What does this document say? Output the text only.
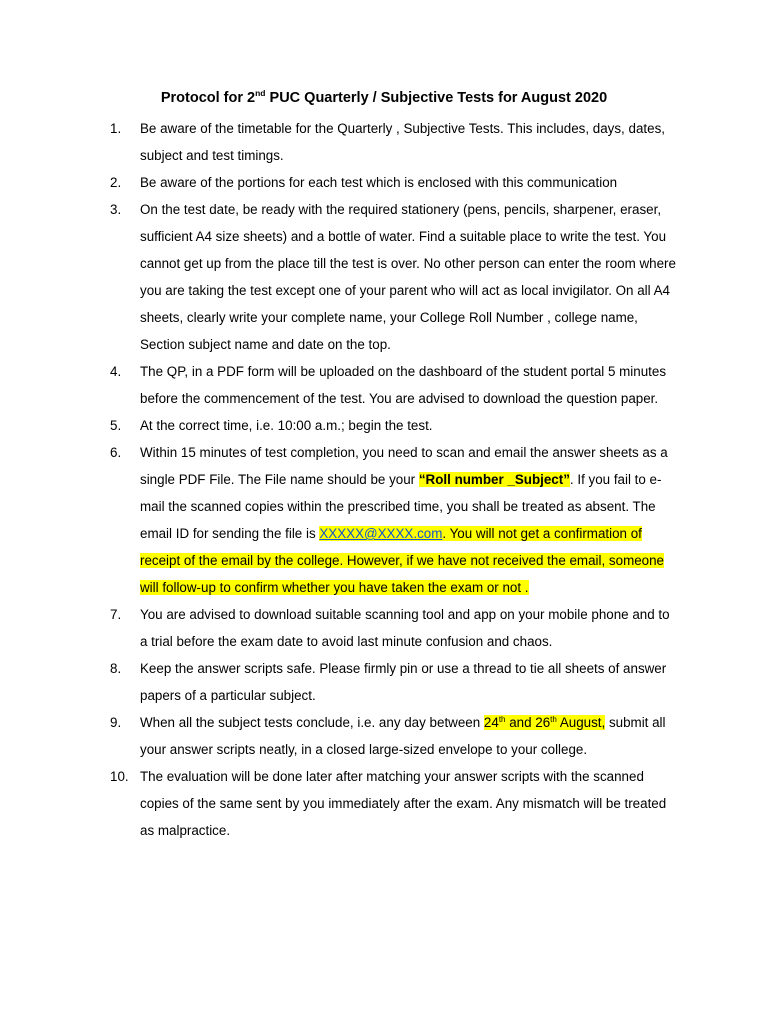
Protocol for 2nd PUC Quarterly / Subjective Tests for August 2020
1.	Be aware of the timetable for the Quarterly , Subjective Tests. This includes, days, dates, subject and test timings.
2.	Be aware of the portions for each test which is enclosed with this communication
3.	On the test date, be ready with the required stationery (pens, pencils, sharpener, eraser, sufficient A4 size sheets) and a bottle of water. Find a suitable place to write the test. You cannot get up from the place till the test is over. No other person can enter the room where you are taking the test except one of your parent who will act as local invigilator. On all A4 sheets, clearly write your complete name, your College Roll Number , college name, Section subject name and date on the top.
4.	The QP, in a PDF form will be uploaded on the dashboard of the student portal 5 minutes before the commencement of the test. You are advised to download the question paper.
5.	At the correct time, i.e. 10:00 a.m.; begin the test.
6.	Within 15 minutes of test completion, you need to scan and email the answer sheets as a single PDF File. The File name should be your “Roll number _Subject”. If you fail to e-mail the scanned copies within the prescribed time, you shall be treated as absent. The email ID for sending the file is XXXXX@XXXX.com. You will not get a confirmation of receipt of the email by the college. However, if we have not received the email, someone will follow-up to confirm whether you have taken the exam or not .
7.	You are advised to download suitable scanning tool and app on your mobile phone and to a trial before the exam date to avoid last minute confusion and chaos.
8.	Keep the answer scripts safe. Please firmly pin or use a thread to tie all sheets of answer papers of a particular subject.
9.	When all the subject tests conclude, i.e. any day between 24th and 26th August, submit all your answer scripts neatly, in a closed large-sized envelope to your college.
10. The evaluation will be done later after matching your answer scripts with the scanned copies of the same sent by you immediately after the exam. Any mismatch will be treated as malpractice.
